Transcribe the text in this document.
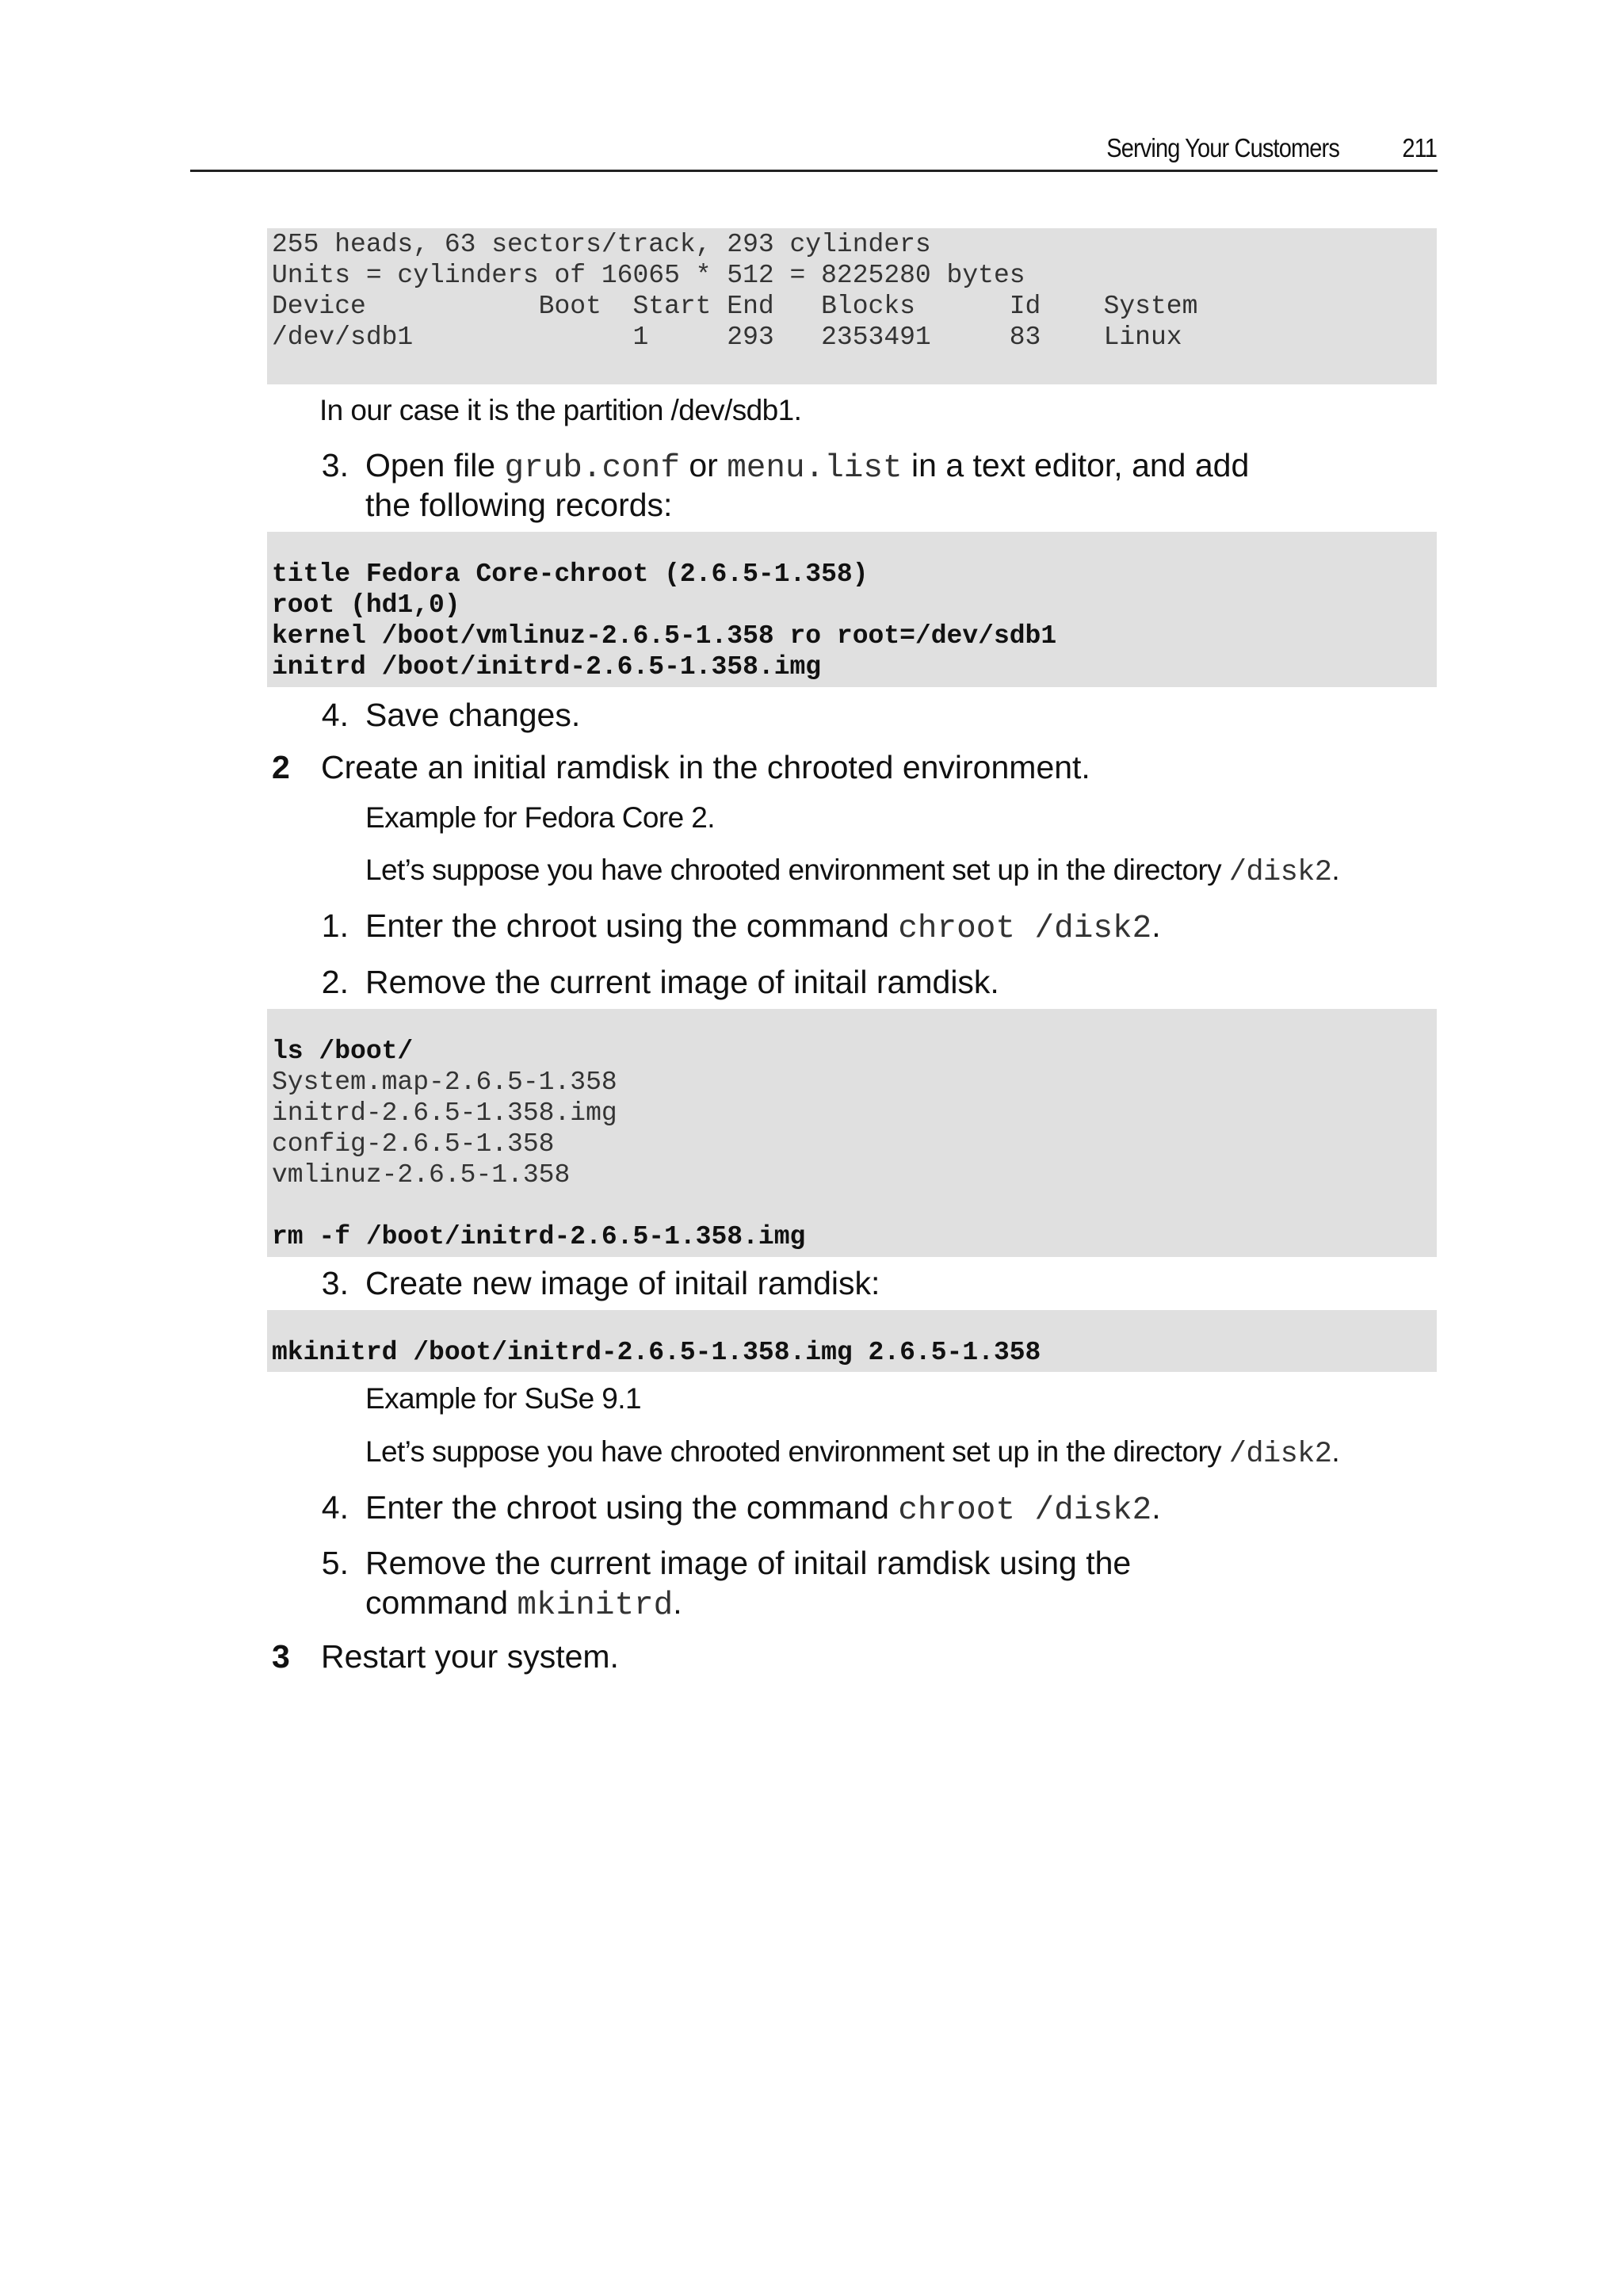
Serving Your Customers	211
255 heads, 63 sectors/track, 293 cylinders
Units = cylinders of 16065 * 512 = 8225280 bytes
Device           Boot  Start End   Blocks      Id    System
/dev/sdb1              1     293   2353491     83    Linux
In our case it is the partition /dev/sdb1.
3. Open file grub.conf or menu.list in a text editor, and add
the following records:
title Fedora Core-chroot (2.6.5-1.358)
root (hd1,0)
kernel /boot/vmlinuz-2.6.5-1.358 ro root=/dev/sdb1
initrd /boot/initrd-2.6.5-1.358.img
4. Save changes.
2 Create an initial ramdisk in the chrooted environment.
Example for Fedora Core 2.
Let’s suppose you have chrooted environment set up in the directory /disk2.
1. Enter the chroot using the command chroot /disk2.
2. Remove the current image of initail ramdisk.
ls /boot/
System.map-2.6.5-1.358
initrd-2.6.5-1.358.img
config-2.6.5-1.358
vmlinuz-2.6.5-1.358
rm -f /boot/initrd-2.6.5-1.358.img
3. Create new image of initail ramdisk:
mkinitrd /boot/initrd-2.6.5-1.358.img 2.6.5-1.358
Example for SuSe 9.1
Let’s suppose you have chrooted environment set up in the directory /disk2.
4. Enter the chroot using the command chroot /disk2.
5. Remove the current image of initail ramdisk using the
command mkinitrd.
3 Restart your system.
